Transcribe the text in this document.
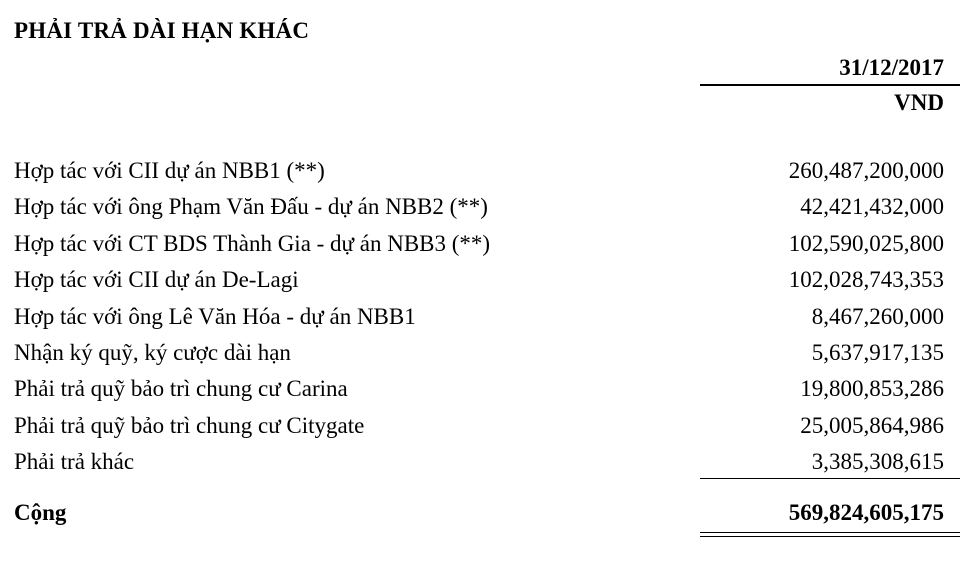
PHẢI TRẢ DÀI HẠN KHÁC
31/12/2017
VND
Hợp tác với CII dự án NBB1 (**)	260,487,200,000
Hợp tác với ông Phạm Văn Đấu - dự án NBB2 (**)	42,421,432,000
Hợp tác với CT BDS Thành Gia - dự án NBB3 (**)	102,590,025,800
Hợp tác với CII dự án De-Lagi	102,028,743,353
Hợp tác với ông Lê Văn Hóa - dự án NBB1	8,467,260,000
Nhận ký quỹ, ký cược dài hạn	5,637,917,135
Phải trả quỹ bảo trì chung cư Carina	19,800,853,286
Phải trả quỹ bảo trì chung cư Citygate	25,005,864,986
Phải trả khác	3,385,308,615
Cộng	569,824,605,175
